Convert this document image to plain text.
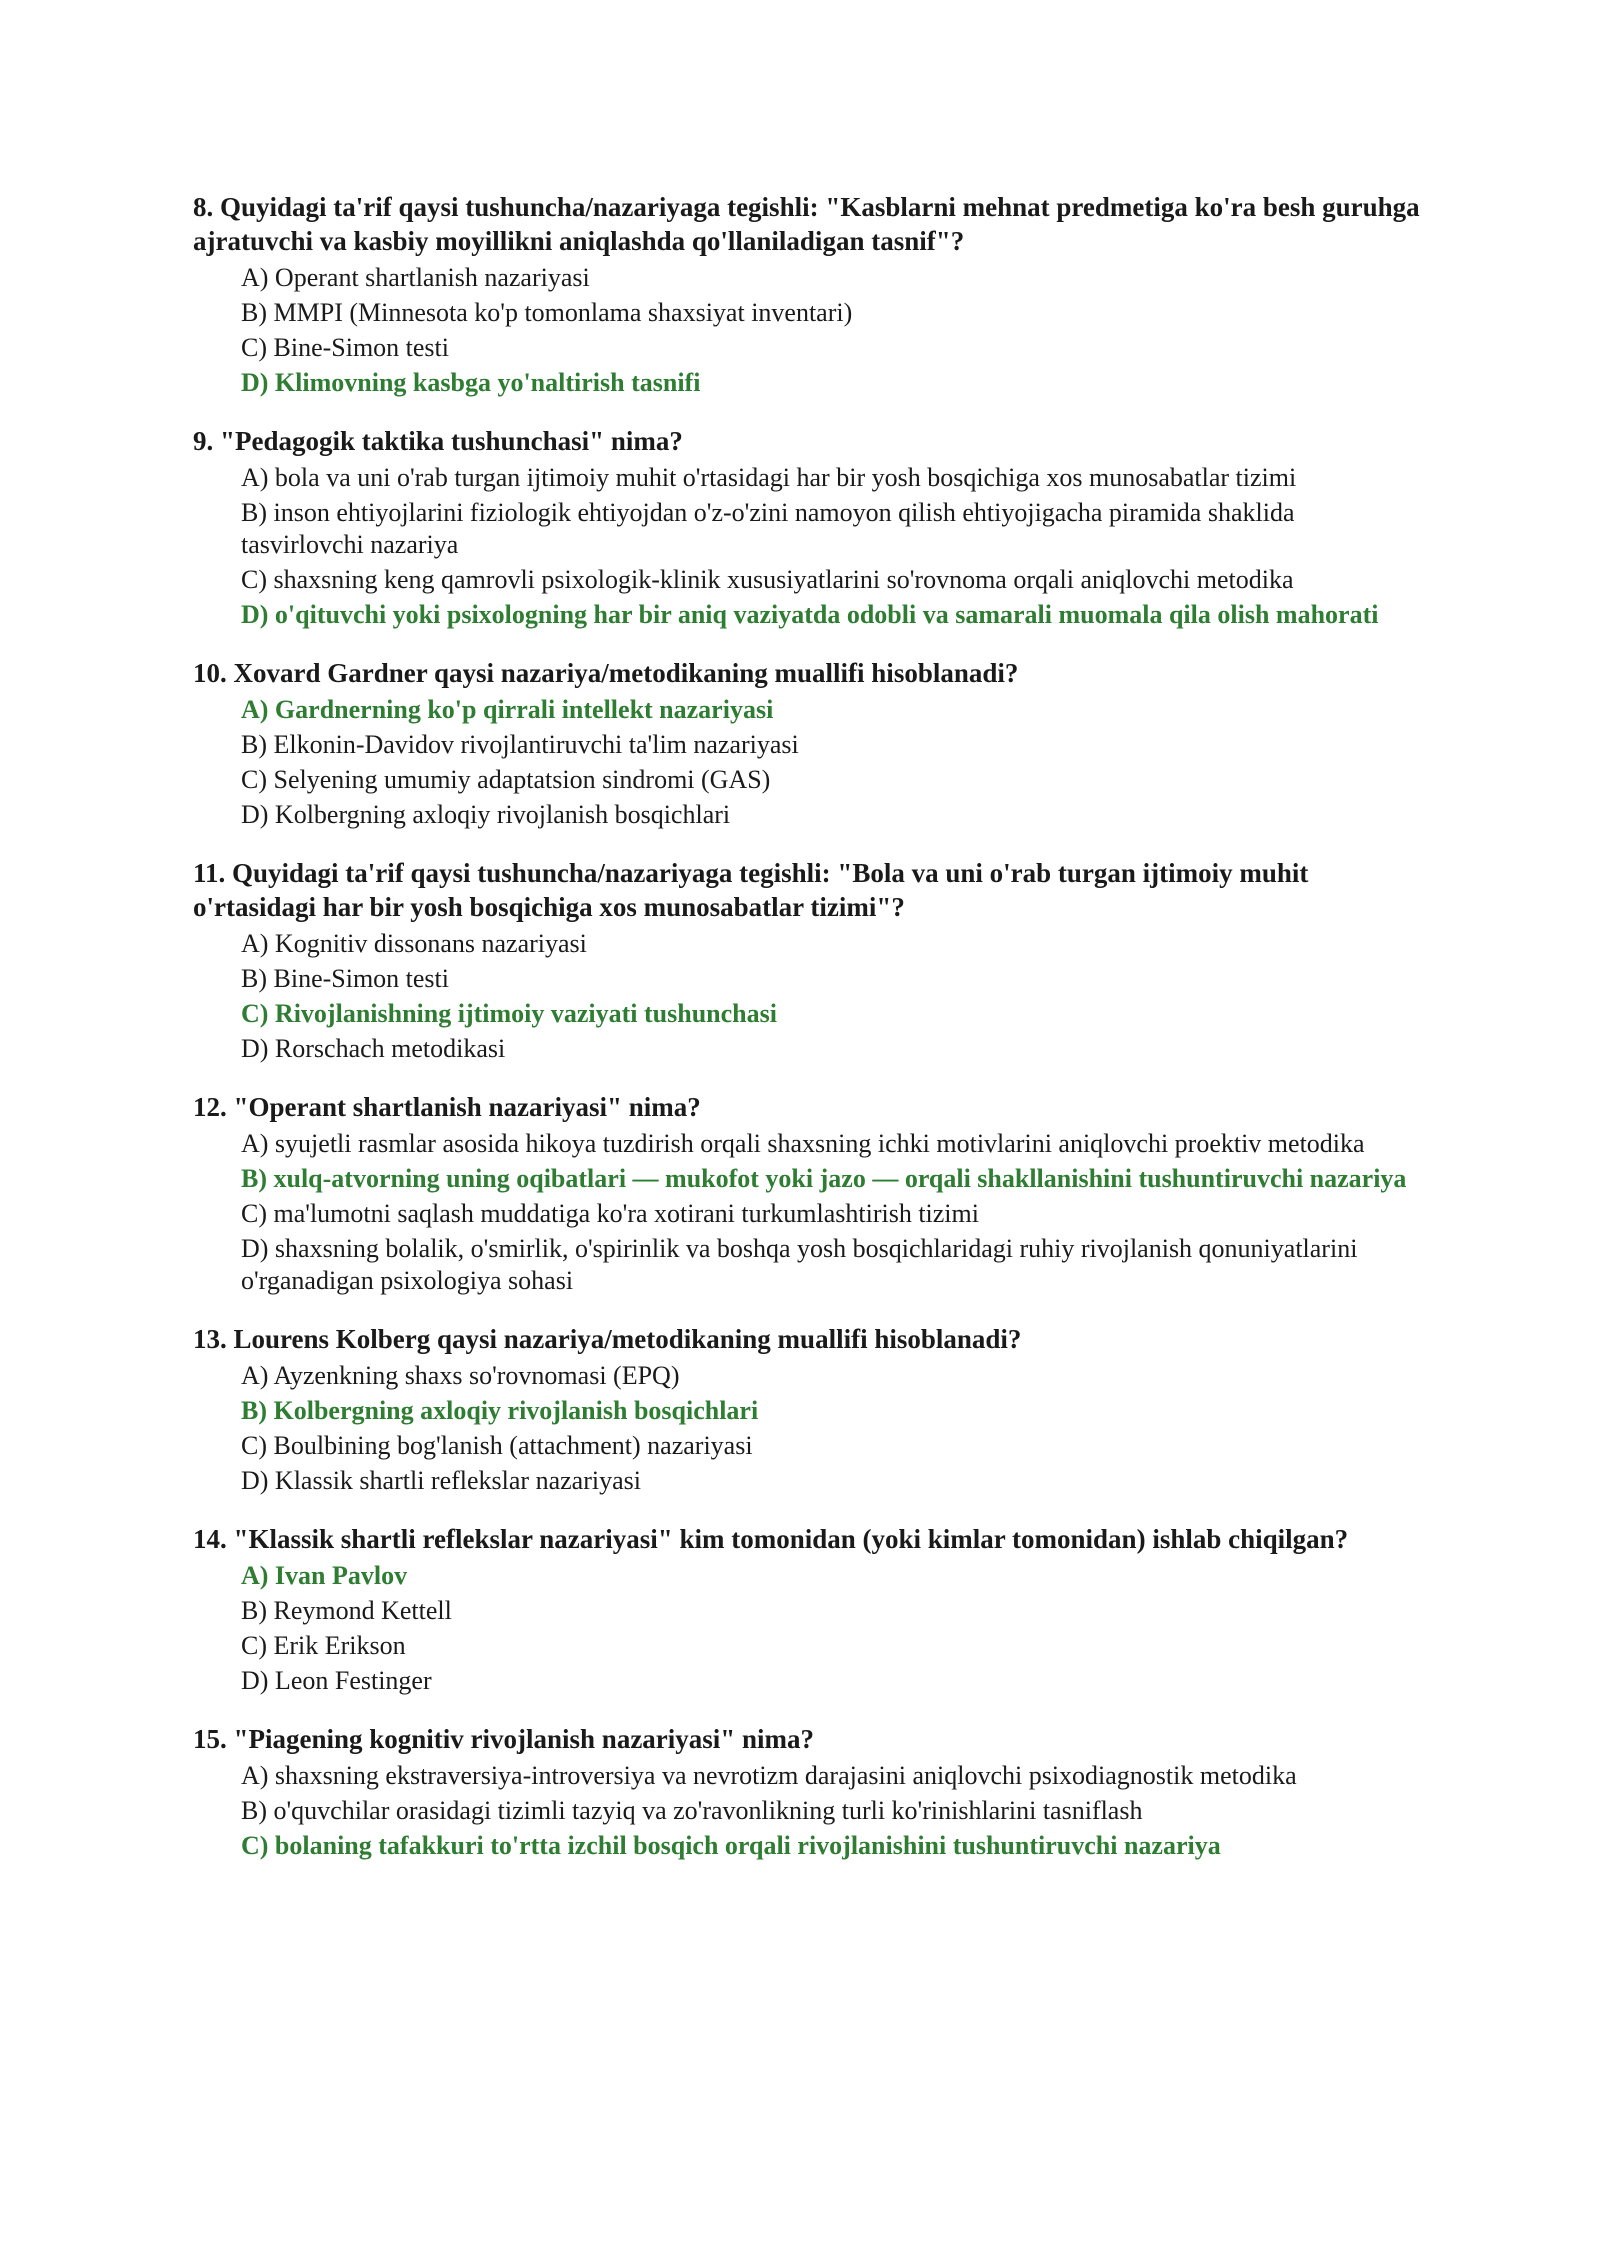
8. Quyidagi ta'rif qaysi tushuncha/nazariyaga tegishli: "Kasblarni mehnat predmetiga ko'ra besh guruhga ajratuvchi va kasbiy moyillikni aniqlashda qo'llaniladigan tasnif"?

A) Operant shartlanish nazariyasi
B) MMPI (Minnesota ko'p tomonlama shaxsiyat inventari)
C) Bine-Simon testi
D) Klimovning kasbga yo'naltirish tasnifi

9. "Pedagogik taktika tushunchasi" nima?

A) bola va uni o'rab turgan ijtimoiy muhit o'rtasidagi har bir yosh bosqichiga xos munosabatlar tizimi
B) inson ehtiyojlarini fiziologik ehtiyojdan o'z-o'zini namoyon qilish ehtiyojigacha piramida shaklida tasvirlovchi nazariya
C) shaxsning keng qamrovli psixologik-klinik xususiyatlarini so'rovnoma orqali aniqlovchi metodika
D) o'qituvchi yoki psixologning har bir aniq vaziyatda odobli va samarali muomala qila olish mahorati

10. Xovard Gardner qaysi nazariya/metodikaning muallifi hisoblanadi?

A) Gardnerning ko'p qirrali intellekt nazariyasi
B) Elkonin-Davidov rivojlantiruvchi ta'lim nazariyasi
C) Selyening umumiy adaptatsion sindromi (GAS)
D) Kolbergning axloqiy rivojlanish bosqichlari

11. Quyidagi ta'rif qaysi tushuncha/nazariyaga tegishli: "Bola va uni o'rab turgan ijtimoiy muhit o'rtasidagi har bir yosh bosqichiga xos munosabatlar tizimi"?

A) Kognitiv dissonans nazariyasi
B) Bine-Simon testi
C) Rivojlanishning ijtimoiy vaziyati tushunchasi
D) Rorschach metodikasi

12. "Operant shartlanish nazariyasi" nima?

A) syujetli rasmlar asosida hikoya tuzdirish orqali shaxsning ichki motivlarini aniqlovchi proektiv metodika
B) xulq-atvorning uning oqibatlari — mukofot yoki jazo — orqali shakllanishini tushuntiruvchi nazariya
C) ma'lumotni saqlash muddatiga ko'ra xotirani turkumlashtirish tizimi
D) shaxsning bolalik, o'smirlik, o'spirinlik va boshqa yosh bosqichlaridagi ruhiy rivojlanish qonuniyatlarini o'rganadigan psixologiya sohasi

13. Lourens Kolberg qaysi nazariya/metodikaning muallifi hisoblanadi?

A) Ayzenkning shaxs so'rovnomasi (EPQ)
B) Kolbergning axloqiy rivojlanish bosqichlari
C) Boulbining bog'lanish (attachment) nazariyasi
D) Klassik shartli reflekslar nazariyasi

14. "Klassik shartli reflekslar nazariyasi" kim tomonidan (yoki kimlar tomonidan) ishlab chiqilgan?

A) Ivan Pavlov
B) Reymond Kettell
C) Erik Erikson
D) Leon Festinger

15. "Piagening kognitiv rivojlanish nazariyasi" nima?

A) shaxsning ekstraversiya-introversiya va nevrotizm darajasini aniqlovchi psixodiagnostik metodika
B) o'quvchilar orasidagi tizimli tazyiq va zo'ravonlikning turli ko'rinishlarini tasniflash
C) bolaning tafakkuri to'rtta izchil bosqich orqali rivojlanishini tushuntiruvchi nazariya
